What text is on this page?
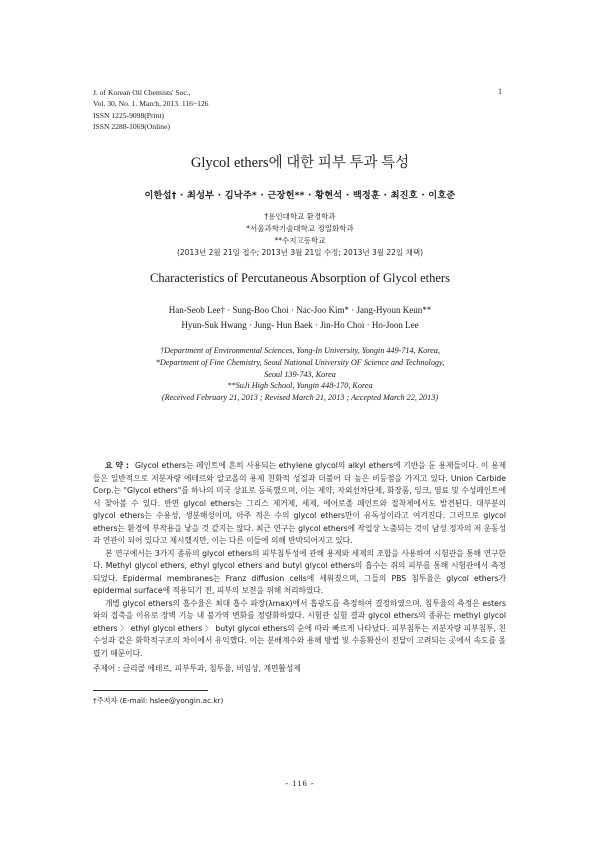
J. of Korean Oil Chemists' Soc.,
Vol. 30, No. 1. March, 2013. 116~126
ISSN 1225-9098(Print)
ISSN 2288-1069(Online)
1
Glycol ethers에 대한 피부 투과 특성
이한섭† · 최성부 · 김낙주* · 근장헌** · 황현석 · 백정훈 · 최진호 · 이호준
†용인대학교 환경학과
*서울과학기술대학교 정밀화학과
**수지고등학교
(2013년 2월 21일 접수; 2013년 3월 21일 수정; 2013년 3월 22일 채택)
Characteristics of Percutaneous Absorption of Glycol ethers
Han-Seob Lee† · Sung-Boo Choi · Nac-Joo Kim* · Jang-Hyoun Keun**
Hyun-Suk Hwang · Jung- Hun Baek · Jin-Ho Choi · Ho-Joon Lee
†Department of Environmental Sciences, Yong-In University, Yongin 449-714, Korea,
*Department of Fine Chemistry, Seoul National University OF Science and Technology,
Seoul 139-743, Korea
**SuJi High School, Yongin 448-170, Korea
(Received February 21, 2013 ; Revised March 21, 2013 ; Accepted March 22, 2013)

요 약 : Glycol ethers는 페인트에 흔히 사용되는 ethylene glycol의 alkyl ethers에 기반을 둔 용제들이다. 이 용제들은 일반적으로 저분자량 에테르와 알코올의 용제 친화적 성질과 더불어 더 높은 비등점을 가지고 있다. Union Carbide Corp.는 "Glycol ethers"를 하나의 미국 상표로 등록했으며, 이는 제약, 자외선차단제, 화장품, 잉크, 염료 및 수성페인트에서 찾아볼 수 있다. 반면 glycol ethers는 그리스 제거제, 세제, 에어로졸 페인트와 접착제에서도 발견된다. 대부분의 glycol ethers는 수용성, 생분해성이며, 아주 적은 수의 glycol ethers만이 유독성이라고 여겨진다. 그러므로 glycol ethers는 환경에 부작용을 낳을 것 같지는 않다. 최근 연구는 glycol ethers에 작업상 노출되는 것이 남성 정자의 저 운동성과 연관이 되어 있다고 제시했지만, 이는 다른 이들에 의해 반박되어지고 있다.

본 연구에서는 3가지 종류의 glycol ethers의 피부침투성에 관해 용제와 세제의 조합을 사용하여 시험관을 통해 연구한다. Methyl glycol ethers, ethyl glycol ethers and butyl glycol ethers의 흡수는 쥐의 피부를 통해 시험관에서 측정되었다. Epidermal membranes는 Franz diffusion cells에 세워졌으며, 그들의 PBS 침투율은 glycol ethers가 epidermal surface에 적용되기 전, 피부의 보전을 위해 처리하였다.

개별 glycol ethers의 흡수율은 최대 흡수 파장(λmax)에서 흡광도를 측정하여 결정하였으며, 침투율의 측정은 esters와의 접촉을 이유로 장벽 기능 내 불가역 변화를 정량화하였다. 시험관 실험 결과 glycol ethers의 종류는 methyl glycol ethers 〉 ethyl glycol ethers 〉 butyl glycol ethers의 순에 따라 빠르게 나타났다. 피부침투는 저분자량 피부침투, 친수성과 같은 화학적구조의 차이에서 유익했다. 이는 분배계수와 용해 방법 및 수동확산이 전달이 고려되는 곳에서 속도를 올렸기 때문이다.

주제어 : 글리콜 에테르, 피부투과, 침투율, 비임상, 계면활성제
†주저자 (E-mail: hslee@yongin.ac.kr)
- 116 -
